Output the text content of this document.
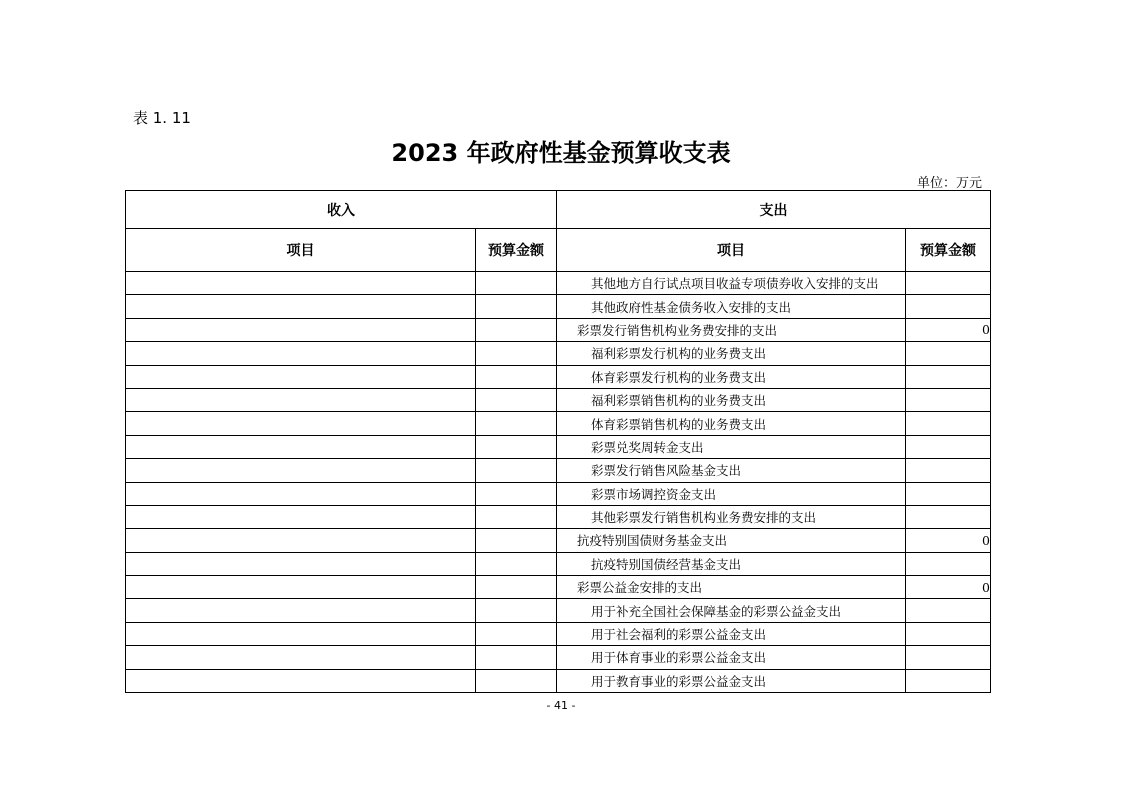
表 1. 11
2023 年政府性基金预算收支表
单位：万元
收入		支出	
项目	预算金额	项目	预算金额
		其他地方自行试点项目收益专项债券收入安排的支出	
		其他政府性基金债务收入安排的支出	
		彩票发行销售机构业务费安排的支出	0
		福利彩票发行机构的业务费支出	
		体育彩票发行机构的业务费支出	
		福利彩票销售机构的业务费支出	
		体育彩票销售机构的业务费支出	
		彩票兑奖周转金支出	
		彩票发行销售风险基金支出	
		彩票市场调控资金支出	
		其他彩票发行销售机构业务费安排的支出	
		抗疫特别国债财务基金支出	0
		抗疫特别国债经营基金支出	
		彩票公益金安排的支出	0
		用于补充全国社会保障基金的彩票公益金支出	
		用于社会福利的彩票公益金支出	
		用于体育事业的彩票公益金支出	
		用于教育事业的彩票公益金支出	
- 41 -
